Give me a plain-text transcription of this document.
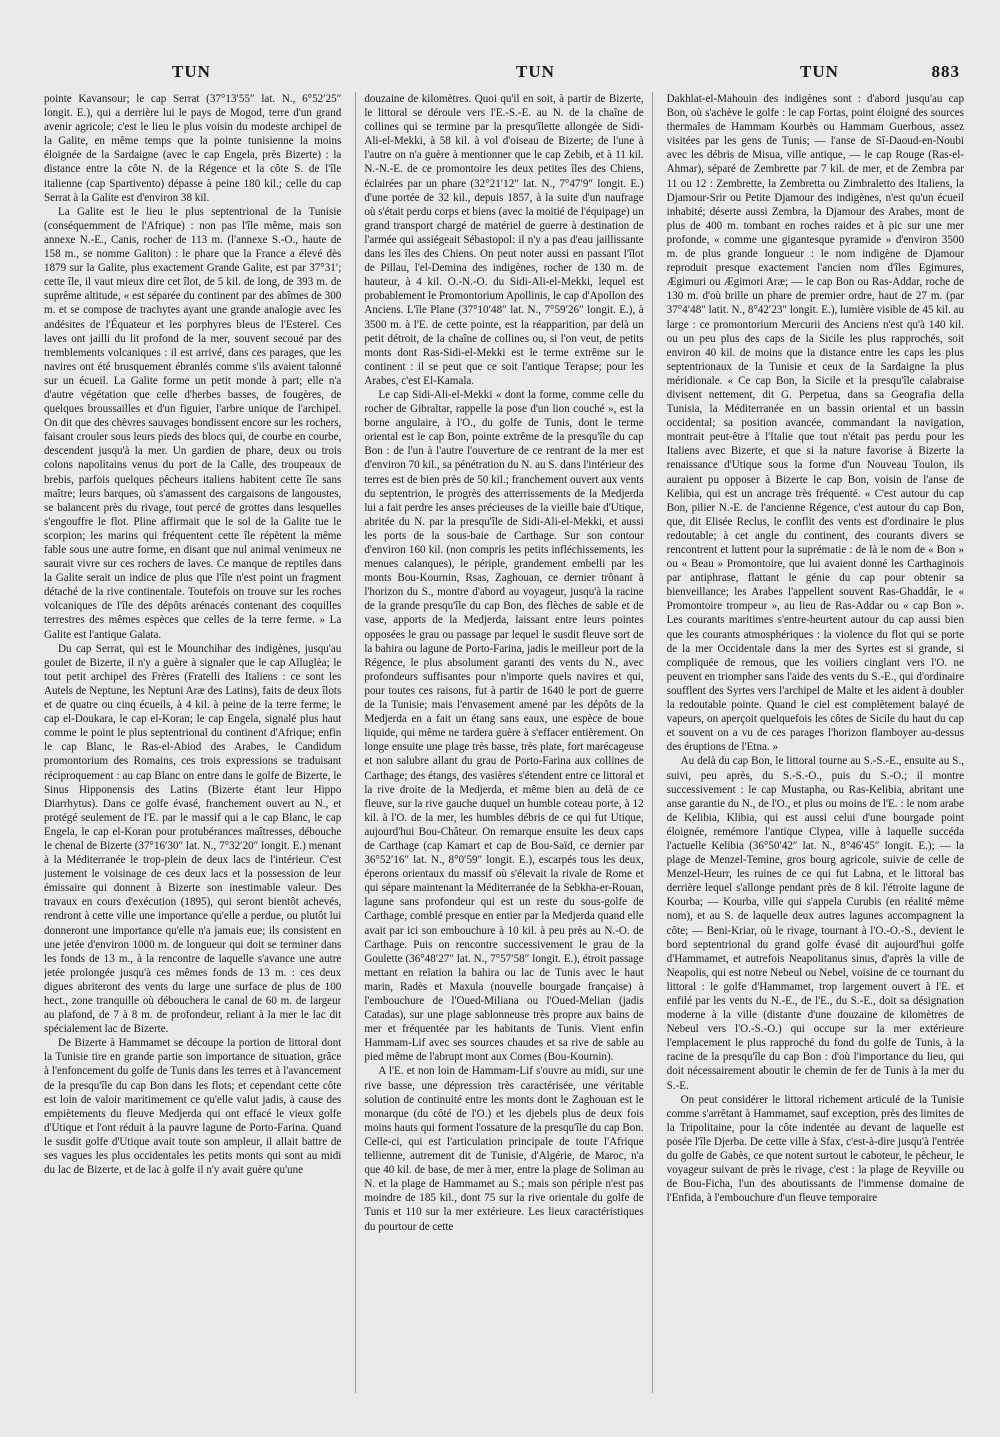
TUN	TUN	TUN	883

pointe Kavansour; le cap Serrat (37°13′55″ lat. N., 6°52′25″ longit. E.), qui a derrière lui le pays de Mogod, terre d'un grand avenir agricole; c'est le lieu le plus voisin du modeste archipel de la Galite, en même temps que la pointe tunisienne la moins éloignée de la Sardaigne (avec le cap Engela, près Bizerte) : la distance entre la côte N. de la Régence et la côte S. de l'île italienne (cap Spartivento) dépasse à peine 180 kil.; celle du cap Serrat à la Galite est d'environ 38 kil.

La Galite est le lieu le plus septentrional de la Tunisie (conséquemment de l'Afrique) : non pas l'île même, mais son annexe N.-E., Canis, rocher de 113 m. (l'annexe S.-O., haute de 158 m., se nomme Galiton) : le phare que la France a élevé dès 1879 sur la Galite, plus exactement Grande Galite, est par 37°31′; cette île, il vaut mieux dire cet îlot, de 5 kil. de long, de 393 m. de suprême altitude, « est séparée du continent par des abîmes de 300 m. et se compose de trachytes ayant une grande analogie avec les andésites de l'Équateur et les porphyres bleus de l'Esterel. Ces laves ont jailli du lit profond de la mer, souvent secoué par des tremblements volcaniques : il est arrivé, dans ces parages, que les navires ont été brusquement ébranlés comme s'ils avaient talonné sur un écueil. La Galite forme un petit monde à part; elle n'a d'autre végétation que celle d'herbes basses, de fougères, de quelques broussailles et d'un figuier, l'arbre unique de l'archipel. On dit que des chèvres sauvages bondissent encore sur les rochers, faisant crouler sous leurs pieds des blocs qui, de courbe en courbe, descendent jusqu'à la mer. Un gardien de phare, deux ou trois colons napolitains venus du port de la Calle, des troupeaux de brebis, parfois quelques pêcheurs italiens habitent cette île sans maître; leurs barques, où s'amassent des cargaisons de langoustes, se balancent près du rivage, tout percé de grottes dans lesquelles s'engouffre le flot. Pline affirmait que le sol de la Galite tue le scorpion; les marins qui fréquentent cette île répètent la même fable sous une autre forme, en disant que nul animal venimeux ne saurait vivre sur ces rochers de laves. Ce manque de reptiles dans la Galite serait un indice de plus que l'île n'est point un fragment détaché de la rive continentale. Toutefois on trouve sur les roches volcaniques de l'île des dépôts arénacés contenant des coquilles terrestres des mêmes espèces que celles de la terre ferme. » La Galite est l'antique Galata.

Du cap Serrat, qui est le Mounchihar des indigènes, jusqu'au goulet de Bizerte, il n'y a guère à signaler que le cap Alluglèa; le tout petit archipel des Frères (Fratelli des Italiens : ce sont les Autels de Neptune, les Neptuni Aræ des Latins), faits de deux îlots et de quatre ou cinq écueils, à 4 kil. à peine de la terre ferme; le cap el-Doukara, le cap el-Koran; le cap Engela, signalé plus haut comme le point le plus septentrional du continent d'Afrique; enfin le cap Blanc, le Ras-el-Abiod des Arabes, le Candidum promontorium des Romains, ces trois expressions se traduisant réciproquement : au cap Blanc on entre dans le golfe de Bizerte, le Sinus Hipponensis des Latins (Bizerte étant leur Hippo Diarrhytus). Dans ce golfe évasé, franchement ouvert au N., et protégé seulement de l'E. par le massif qui a le cap Blanc, le cap Engela, le cap el-Koran pour protubérances maîtresses, débouche le chenal de Bizerte (37°16′30″ lat. N., 7°32′20″ longit. E.) menant à la Méditerranée le trop-plein de deux lacs de l'intérieur. C'est justement le voisinage de ces deux lacs et la possession de leur émissaire qui donnent à Bizerte son inestimable valeur. Des travaux en cours d'exécution (1895), qui seront bientôt achevés, rendront à cette ville une importance qu'elle a perdue, ou plutôt lui donneront une importance qu'elle n'a jamais eue; ils consistent en une jetée d'environ 1000 m. de longueur qui doit se terminer dans les fonds de 13 m., à la rencontre de laquelle s'avance une autre jetée prolongée jusqu'à ces mêmes fonds de 13 m. : ces deux digues abriteront des vents du large une surface de plus de 100 hect., zone tranquille où débouchera le canal de 60 m. de largeur au plafond, de 7 à 8 m. de profondeur, reliant à la mer le lac dit spécialement lac de Bizerte.

De Bizerte à Hammamet se découpe la portion de littoral dont la Tunisie tire en grande partie son importance de situation, grâce à l'enfoncement du golfe de Tunis dans les terres et à l'avancement de la presqu'île du cap Bon dans les flots; et cependant cette côte est loin de valoir maritimement ce qu'elle valut jadis, à cause des empiètements du fleuve Medjerda qui ont effacé le vieux golfe d'Utique et l'ont réduit à la pauvre lagune de Porto-Farina. Quand le susdit golfe d'Utique avait toute son ampleur, il allait battre de ses vagues les plus occidentales les petits monts qui sont au midi du lac de Bizerte, et de lac à golfe il n'y avait guère qu'une

douzaine de kilomètres. Quoi qu'il en soit, à partir de Bizerte, le littoral se déroule vers l'E.-S.-E. au N. de la chaîne de collines qui se termine par la presqu'îlette allongée de Sidi-Ali-el-Mekki, à 58 kil. à vol d'oiseau de Bizerte; de l'une à l'autre on n'a guère à mentionner que le cap Zebib, et à 11 kil. N.-N.-E. de ce promontoire les deux petites îles des Chiens, éclairées par un phare (32°21′12″ lat. N., 7°47′9″ longit. E.) d'une portée de 32 kil., depuis 1857, à la suite d'un naufrage où s'était perdu corps et biens (avec la moitié de l'équipage) un grand transport chargé de matériel de guerre à destination de l'armée qui assiégeait Sébastopol: il n'y a pas d'eau jaillissante dans les îles des Chiens. On peut noter aussi en passant l'îlot de Pillau, l'el-Demina des indigènes, rocher de 130 m. de hauteur, à 4 kil. O.-N.-O. du Sidi-Ali-el-Mekki, lequel est probablement le Promontorium Apollinis, le cap d'Apollon des Anciens. L'île Plane (37°10′48″ lat. N., 7°59′26″ longit. E.), à 3500 m. à l'E. de cette pointe, est la réapparition, par delà un petit détroit, de la chaîne de collines ou, si l'on veut, de petits monts dont Ras-Sidi-el-Mekki est le terme extrême sur le continent : il se peut que ce soit l'antique Terapse; pour les Arabes, c'est El-Kamala.

Le cap Sidi-Ali-el-Mekki « dont la forme, comme celle du rocher de Gibraltar, rappelle la pose d'un lion couché », est la borne angulaire, à l'O., du golfe de Tunis, dont le terme oriental est le cap Bon, pointe extrême de la presqu'île du cap Bon : de l'un à l'autre l'ouverture de ce rentrant de la mer est d'environ 70 kil., sa pénétration du N. au S. dans l'intérieur des terres est de bien près de 50 kil.; franchement ouvert aux vents du septentrion, le progrès des atterrissements de la Medjerda lui a fait perdre les anses précieuses de la vieille baie d'Utique, abritée du N. par la presqu'île de Sidi-Ali-el-Mekki, et aussi les ports de la sous-baie de Carthage. Sur son contour d'environ 160 kil. (non compris les petits infléchissements, les menues calanques), le périple, grandement embelli par les monts Bou-Kournin, Rsas, Zaghouan, ce dernier trônant à l'horizon du S., montre d'abord au voyageur, jusqu'à la racine de la grande presqu'île du cap Bon, des flèches de sable et de vase, apports de la Medjerda, laissant entre leurs pointes opposées le grau ou passage par lequel le susdit fleuve sort de la bahira ou lagune de Porto-Farina, jadis le meilleur port de la Régence, le plus absolument garanti des vents du N., avec profondeurs suffisantes pour n'importe quels navires et qui, pour toutes ces raisons, fut à partir de 1640 le port de guerre de la Tunisie; mais l'envasement amené par les dépôts de la Medjerda en a fait un étang sans eaux, une espèce de boue liquide, qui même ne tardera guère à s'effacer entièrement. On longe ensuite une plage très basse, très plate, fort marécageuse et non salubre allant du grau de Porto-Farina aux collines de Carthage; des étangs, des vasières s'étendent entre ce littoral et la rive droite de la Medjerda, et même bien au delà de ce fleuve, sur la rive gauche duquel un humble coteau porte, à 12 kil. à l'O. de la mer, les humbles débris de ce qui fut Utique, aujourd'hui Bou-Châteur. On remarque ensuite les deux caps de Carthage (cap Kamart et cap de Bou-Saïd, ce dernier par 36°52′16″ lat. N., 8°0′59″ longit. E.), escarpés tous les deux, éperons orientaux du massif où s'élevait la rivale de Rome et qui sépare maintenant la Méditerranée de la Sebkha-er-Rouan, lagune sans profondeur qui est un reste du sous-golfe de Carthage, comblé presque en entier par la Medjerda quand elle avait par ici son embouchure à 10 kil. à peu près au N.-O. de Carthage. Puis on rencontre successivement le grau de la Goulette (36°48′27″ lat. N., 7°57′58″ longit. E.), étroit passage mettant en relation la bahira ou lac de Tunis avec le haut marin, Radès et Maxula (nouvelle bourgade française) à l'embouchure de l'Oued-Miliana ou l'Oued-Melian (jadis Catadas), sur une plage sablonneuse très propre aux bains de mer et fréquentée par les habitants de Tunis. Vient enfin Hammam-Lif avec ses sources chaudes et sa rive de sable au pied même de l'abrupt mont aux Cornes (Bou-Kournin).

A l'E. et non loin de Hammam-Lif s'ouvre au midi, sur une rive basse, une dépression très caractérisée, une véritable solution de continuité entre les monts dont le Zaghouan est le monarque (du côté de l'O.) et les djebels plus de deux fois moins hauts qui forment l'ossature de la presqu'île du cap Bon. Celle-ci, qui est l'articulation principale de toute l'Afrique tellienne, autrement dit de Tunisie, d'Algérie, de Maroc, n'a que 40 kil. de base, de mer à mer, entre la plage de Soliman au N. et la plage de Hammamet au S.; mais son périple n'est pas moindre de 185 kil., dont 75 sur la rive orientale du golfe de Tunis et 110 sur la mer extérieure. Les lieux caractéristiques du pourtour de cette

Dakhlat-el-Mahouin des indigènes sont : d'abord jusqu'au cap Bon, où s'achève le golfe : le cap Fortas, point éloigné des sources thermales de Hammam Kourbès ou Hammam Guerbous, assez visitées par les gens de Tunis; — l'anse de Sî-Daoud-en-Noubi avec les débris de Misua, ville antique, — le cap Rouge (Ras-el-Ahmar), séparé de Zembrette par 7 kil. de mer, et de Zembra par 11 ou 12 : Zembrette, la Zembretta ou Zimbraletto des Italiens, la Djamour-Srir ou Petite Djamour des indigènes, n'est qu'un écueil inhabité; déserte aussi Zembra, la Djamour des Arabes, mont de plus de 400 m. tombant en roches raides et à pic sur une mer profonde, « comme une gigantesque pyramide » d'environ 3500 m. de plus grande longueur : le nom indigène de Djamour reproduit presque exactement l'ancien nom d'îles Egimures, Ægimuri ou Ægimori Aræ; — le cap Bon ou Ras-Addar, roche de 130 m. d'où brille un phare de premier ordre, haut de 27 m. (par 37°4′48″ latit. N., 8°42′23″ longit. E.), lumière visible de 45 kil. au large : ce promontorium Mercurii des Anciens n'est qu'à 140 kil. ou un peu plus des caps de la Sicile les plus rapprochés, soit environ 40 kil. de moins que la distance entre les caps les plus septentrionaux de la Tunisie et ceux de la Sardaigne la plus méridionale. « Ce cap Bon, la Sicile et la presqu'île calabraise divisent nettement, dit G. Perpetua, dans sa Geografia della Tunisia, la Méditerranée en un bassin oriental et un bassin occidental; sa position avancée, commandant la navigation, montrait peut-être à l'Italie que tout n'était pas perdu pour les Italiens avec Bizerte, et que si la nature favorise à Bizerte la renaissance d'Utique sous la forme d'un Nouveau Toulon, ils auraient pu opposer à Bizerte le cap Bon, voisin de l'anse de Kelibia, qui est un ancrage très fréquenté. « C'est autour du cap Bon, pilier N.-E. de l'ancienne Régence, c'est autour du cap Bon, que, dit Elisée Reclus, le conflit des vents est d'ordinaire le plus redoutable; à cet angle du continent, des courants divers se rencontrent et luttent pour la suprématie : de là le nom de « Bon » ou « Beau » Promontoire, que lui avaient donné les Carthaginois par antiphrase, flattant le génie du cap pour obtenir sa bienveillance; les Arabes l'appellent souvent Ras-Ghaddâr, le « Promontoire trompeur », au lieu de Ras-Addar ou « cap Bon ». Les courants maritimes s'entre-heurtent autour du cap aussi bien que les courants atmosphériques : la violence du flot qui se porte de la mer Occidentale dans la mer des Syrtes est si grande, si compliquée de remous, que les voiliers cinglant vers l'O. ne peuvent en triompher sans l'aide des vents du S.-E., qui d'ordinaire soufflent des Syrtes vers l'archipel de Malte et les aident à doubler la redoutable pointe. Quand le ciel est complètement balayé de vapeurs, on aperçoit quelquefois les côtes de Sicile du haut du cap et souvent on a vu de ces parages l'horizon flamboyer au-dessus des éruptions de l'Etna. »

Au delà du cap Bon, le littoral tourne au S.-S.-E., ensuite au S., suivi, peu après, du S.-S.-O., puis du S.-O.; il montre successivement : le cap Mustapha, ou Ras-Kelibia, abritant une anse garantie du N., de l'O., et plus ou moins de l'E. : le nom arabe de Kelibia, Klibia, qui est aussi celui d'une bourgade point éloignée, remémore l'antique Clypea, ville à laquelle succéda l'actuelle Kelibia (36°50′42″ lat. N., 8°46′45″ longit. E.); — la plage de Menzel-Temine, gros bourg agricole, suivie de celle de Menzel-Heurr, les ruines de ce qui fut Labna, et le littoral bas derrière lequel s'allonge pendant près de 8 kil. l'étroite lagune de Kourba; — Kourba, ville qui s'appela Curubis (en réalité même nom), et au S. de laquelle deux autres lagunes accompagnent la côte; — Beni-Kriar, où le rivage, tournant à l'O.-O.-S., devient le bord septentrional du grand golfe évasé dit aujourd'hui golfe d'Hammamet, et autrefois Neapolitanus sinus, d'après la ville de Neapolis, qui est notre Nebeul ou Nebel, voisine de ce tournant du littoral : le golfe d'Hammamet, trop largement ouvert à l'E. et enfilé par les vents du N.-E., de l'E., du S.-E., doit sa désignation moderne à la ville (distante d'une douzaine de kilomètres de Nebeul vers l'O.-S.-O.) qui occupe sur la mer extérieure l'emplacement le plus rapproché du fond du golfe de Tunis, à la racine de la presqu'île du cap Bon : d'où l'importance du lieu, qui doit nécessairement aboutir le chemin de fer de Tunis à la mer du S.-E.

On peut considérer le littoral richement articulé de la Tunisie comme s'arrêtant à Hammamet, sauf exception, près des limites de la Tripolitaine, pour la côte indentée au devant de laquelle est posée l'île Djerba. De cette ville à Sfax, c'est-à-dire jusqu'à l'entrée du golfe de Gabès, ce que notent surtout le caboteur, le pêcheur, le voyageur suivant de près le rivage, c'est : la plage de Reyville ou de Bou-Ficha, l'un des aboutissants de l'immense domaine de l'Enfida, à l'embouchure d'un fleuve temporaire
